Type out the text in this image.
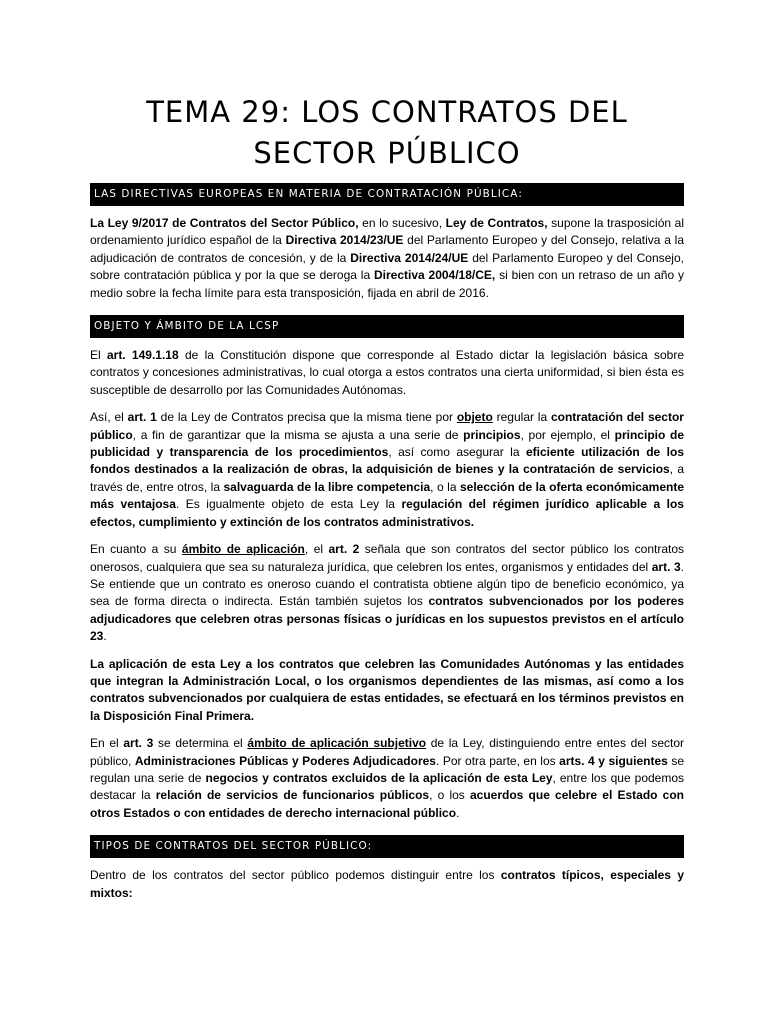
TEMA 29: LOS CONTRATOS DEL
SECTOR PÚBLICO
LAS DIRECTIVAS EUROPEAS EN MATERIA DE CONTRATACIÓN PÚBLICA:

La Ley 9/2017 de Contratos del Sector Público, en lo sucesivo, Ley de Contratos, supone la trasposición al ordenamiento jurídico español de la Directiva 2014/23/UE del Parlamento Europeo y del Consejo, relativa a la adjudicación de contratos de concesión, y de la Directiva 2014/24/UE del Parlamento Europeo y del Consejo, sobre contratación pública y por la que se deroga la Directiva 2004/18/CE, si bien con un retraso de un año y medio sobre la fecha límite para esta transposición, fijada en abril de 2016.

OBJETO Y ÁMBITO DE LA LCSP

El art. 149.1.18 de la Constitución dispone que corresponde al Estado dictar la legislación básica sobre contratos y concesiones administrativas, lo cual otorga a estos contratos una cierta uniformidad, si bien ésta es susceptible de desarrollo por las Comunidades Autónomas.

Así, el art. 1 de la Ley de Contratos precisa que la misma tiene por objeto regular la contratación del sector público, a fin de garantizar que la misma se ajusta a una serie de principios, por ejemplo, el principio de publicidad y transparencia de los procedimientos, así como asegurar la eficiente utilización de los fondos destinados a la realización de obras, la adquisición de bienes y la contratación de servicios, a través de, entre otros, la salvaguarda de la libre competencia, o la selección de la oferta económicamente más ventajosa. Es igualmente objeto de esta Ley la regulación del régimen jurídico aplicable a los efectos, cumplimiento y extinción de los contratos administrativos.

En cuanto a su ámbito de aplicación, el art. 2 señala que son contratos del sector público los contratos onerosos, cualquiera que sea su naturaleza jurídica, que celebren los entes, organismos y entidades del art. 3. Se entiende que un contrato es oneroso cuando el contratista obtiene algún tipo de beneficio económico, ya sea de forma directa o indirecta. Están también sujetos los contratos subvencionados por los poderes adjudicadores que celebren otras personas físicas o jurídicas en los supuestos previstos en el artículo 23.

La aplicación de esta Ley a los contratos que celebren las Comunidades Autónomas y las entidades que integran la Administración Local, o los organismos dependientes de las mismas, así como a los contratos subvencionados por cualquiera de estas entidades, se efectuará en los términos previstos en la Disposición Final Primera.

En el art. 3 se determina el ámbito de aplicación subjetivo de la Ley, distinguiendo entre entes del sector público, Administraciones Públicas y Poderes Adjudicadores. Por otra parte, en los arts. 4 y siguientes se regulan una serie de negocios y contratos excluidos de la aplicación de esta Ley, entre los que podemos destacar la relación de servicios de funcionarios públicos, o los acuerdos que celebre el Estado con otros Estados o con entidades de derecho internacional público.

TIPOS DE CONTRATOS DEL SECTOR PÚBLICO:

Dentro de los contratos del sector público podemos distinguir entre los contratos típicos, especiales y mixtos:
